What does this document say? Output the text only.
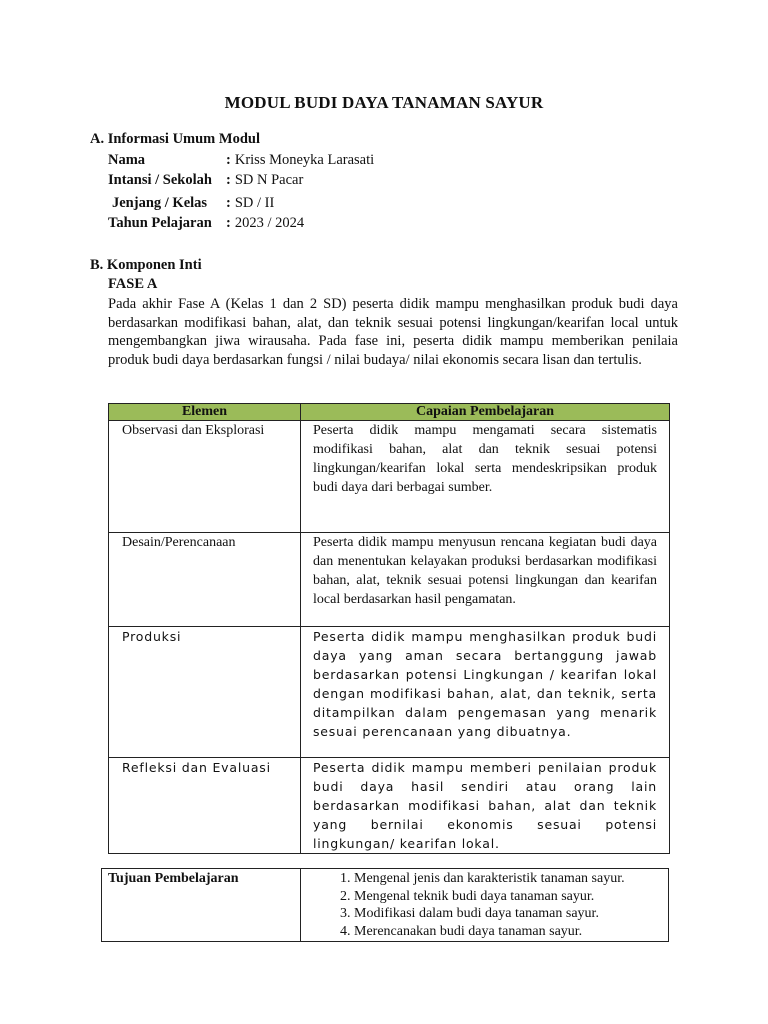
MODUL BUDI DAYA TANAMAN SAYUR
A. Informasi Umum Modul
Nama	: Kriss Moneyka Larasati
Intansi / Sekolah : SD N Pacar
Jenjang / Kelas	: SD / II
Tahun Pelajaran : 2023 / 2024
B. Komponen Inti
FASE A
Pada akhir Fase A (Kelas 1 dan 2 SD) peserta didik mampu menghasilkan produk budi daya berdasarkan modifikasi bahan, alat, dan teknik sesuai potensi lingkungan/kearifan local untuk mengembangkan jiwa wirausaha. Pada fase ini, peserta didik mampu memberikan penilaia produk budi daya berdasarkan fungsi / nilai budaya/ nilai ekonomis secara lisan dan tertulis.
Elemen	Capaian Pembelajaran
Observasi dan Eksplorasi	Peserta didik mampu mengamati secara sistematis modifikasi bahan, alat dan teknik sesuai potensi lingkungan/kearifan lokal serta mendeskripsikan produk budi daya dari berbagai sumber.
Desain/Perencanaan	Peserta didik mampu menyusun rencana kegiatan budi daya dan menentukan kelayakan produksi berdasarkan modifikasi bahan, alat, teknik sesuai potensi lingkungan dan kearifan local berdasarkan hasil pengamatan.
Produksi	Peserta didik mampu menghasilkan produk budi daya yang aman secara bertanggung jawab berdasarkan potensi Lingkungan / kearifan lokal dengan modifikasi bahan, alat, dan teknik, serta ditampilkan dalam pengemasan yang menarik sesuai perencanaan yang dibuatnya.
Refleksi dan Evaluasi	Peserta didik mampu memberi penilaian produk budi daya hasil sendiri atau orang lain berdasarkan modifikasi bahan, alat dan teknik yang bernilai ekonomis sesuai potensi lingkungan/ kearifan lokal.
Tujuan Pembelajaran	
1.Mengenal jenis dan karakteristik tanaman sayur.
2. Mengenal teknik budi daya tanaman sayur.
3. Modifikasi dalam budi daya tanaman sayur.
4. Merencanakan budi daya tanaman sayur.
